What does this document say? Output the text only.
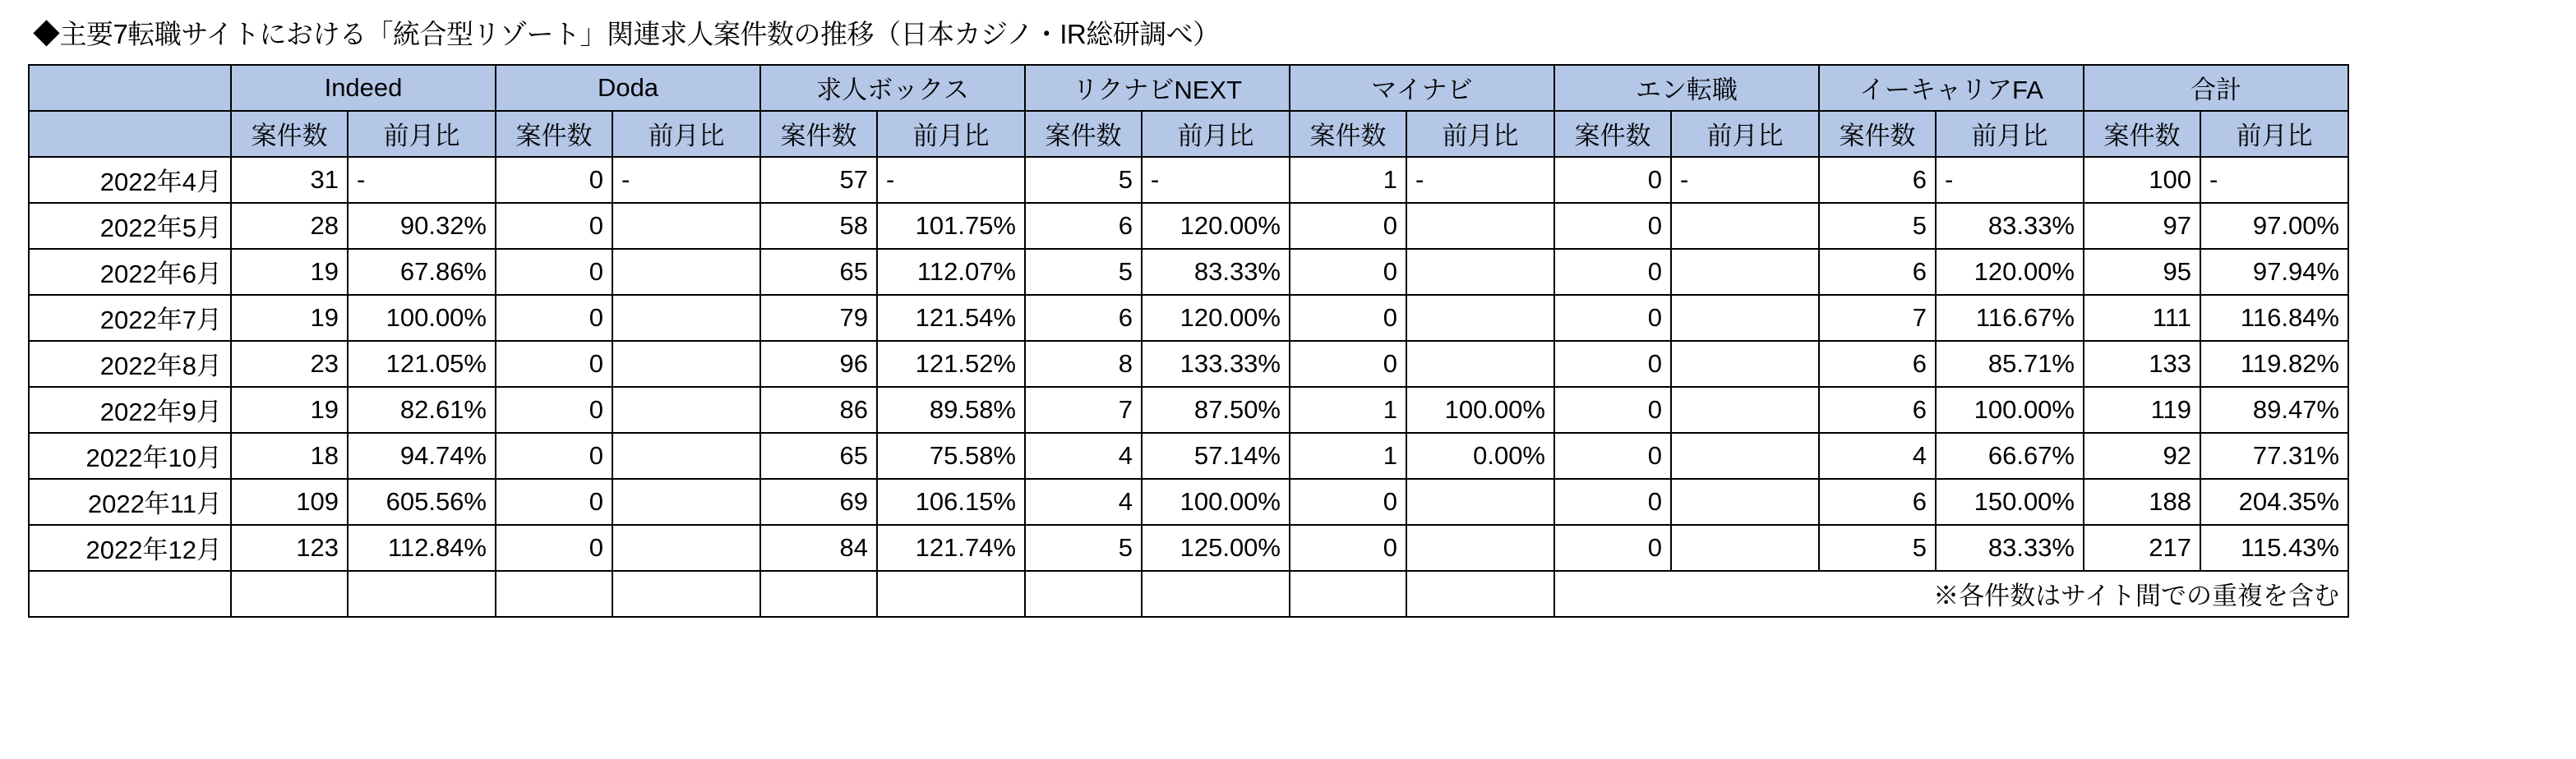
◆主要7転職サイトにおける「統合型リゾート」関連求人案件数の推移（日本カジノ・IR総研調べ）
	Indeed		Doda		求人ボックス		リクナビNEXT		マイナビ		エン転職		イーキャリアFA		合計	
	案件数	前月比	案件数	前月比	案件数	前月比	案件数	前月比	案件数	前月比	案件数	前月比	案件数	前月比	案件数	前月比
2022年4月	31	-	0	-	57	-	5	-	1	-	0	-	6	-	100	-
2022年5月	28	90.32%	0		58	101.75%	6	120.00%	0		0		5	83.33%	97	97.00%
2022年6月	19	67.86%	0		65	112.07%	5	83.33%	0		0		6	120.00%	95	97.94%
2022年7月	19	100.00%	0		79	121.54%	6	120.00%	0		0		7	116.67%	111	116.84%
2022年8月	23	121.05%	0		96	121.52%	8	133.33%	0		0		6	85.71%	133	119.82%
2022年9月	19	82.61%	0		86	89.58%	7	87.50%	1	100.00%	0		6	100.00%	119	89.47%
2022年10月	18	94.74%	0		65	75.58%	4	57.14%	1	0.00%	0		4	66.67%	92	77.31%
2022年11月	109	605.56%	0		69	106.15%	4	100.00%	0		0		6	150.00%	188	204.35%
2022年12月	123	112.84%	0		84	121.74%	5	125.00%	0		0		5	83.33%	217	115.43%
											※各件数はサイト間での重複を含む					
